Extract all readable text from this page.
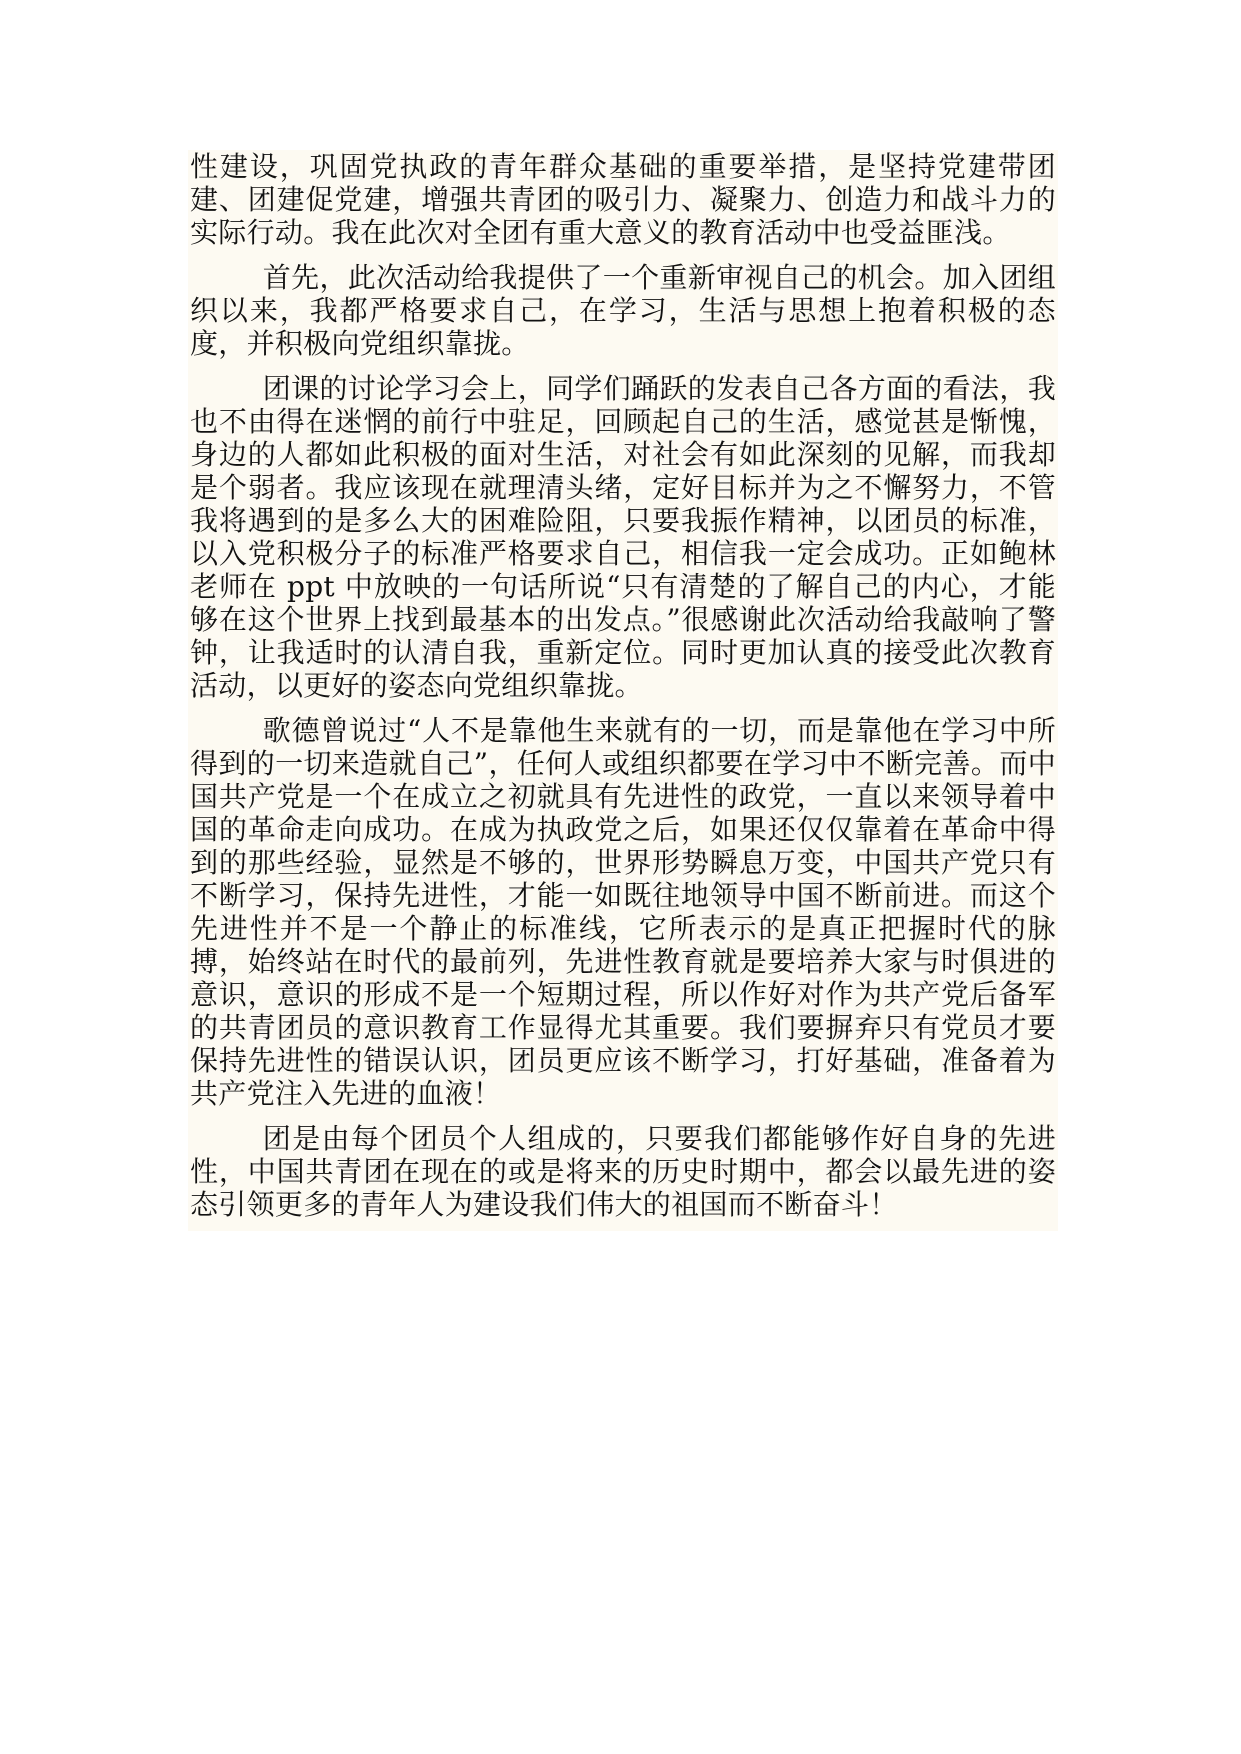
性建设，巩固党执政的青年群众基础的重要举措，是坚持党建带团建、团建促党建，增强共青团的吸引力、凝聚力、创造力和战斗力的实际行动。我在此次对全团有重大意义的教育活动中也受益匪浅。

首先，此次活动给我提供了一个重新审视自己的机会。加入团组织以来，我都严格要求自己，在学习，生活与思想上抱着积极的态度，并积极向党组织靠拢。

团课的讨论学习会上，同学们踊跃的发表自己各方面的看法，我也不由得在迷惘的前行中驻足，回顾起自己的生活，感觉甚是惭愧，身边的人都如此积极的面对生活，对社会有如此深刻的见解，而我却是个弱者。我应该现在就理清头绪，定好目标并为之不懈努力，不管我将遇到的是多么大的困难险阻，只要我振作精神，以团员的标准，以入党积极分子的标准严格要求自己，相信我一定会成功。正如鲍林老师在 ppt 中放映的一句话所说“只有清楚的了解自己的内心，才能够在这个世界上找到最基本的出发点。”很感谢此次活动给我敲响了警钟，让我适时的认清自我，重新定位。同时更加认真的接受此次教育活动，以更好的姿态向党组织靠拢。

歌德曾说过“人不是靠他生来就有的一切，而是靠他在学习中所得到的一切来造就自己”，任何人或组织都要在学习中不断完善。而中国共产党是一个在成立之初就具有先进性的政党，一直以来领导着中国的革命走向成功。在成为执政党之后，如果还仅仅靠着在革命中得到的那些经验，显然是不够的，世界形势瞬息万变，中国共产党只有不断学习，保持先进性，才能一如既往地领导中国不断前进。而这个先进性并不是一个静止的标准线，它所表示的是真正把握时代的脉搏，始终站在时代的最前列，先进性教育就是要培养大家与时俱进的意识，意识的形成不是一个短期过程，所以作好对作为共产党后备军的共青团员的意识教育工作显得尤其重要。我们要摒弃只有党员才要保持先进性的错误认识，团员更应该不断学习，打好基础，准备着为共产党注入先进的血液！

团是由每个团员个人组成的，只要我们都能够作好自身的先进性，中国共青团在现在的或是将来的历史时期中，都会以最先进的姿态引领更多的青年人为建设我们伟大的祖国而不断奋斗！
